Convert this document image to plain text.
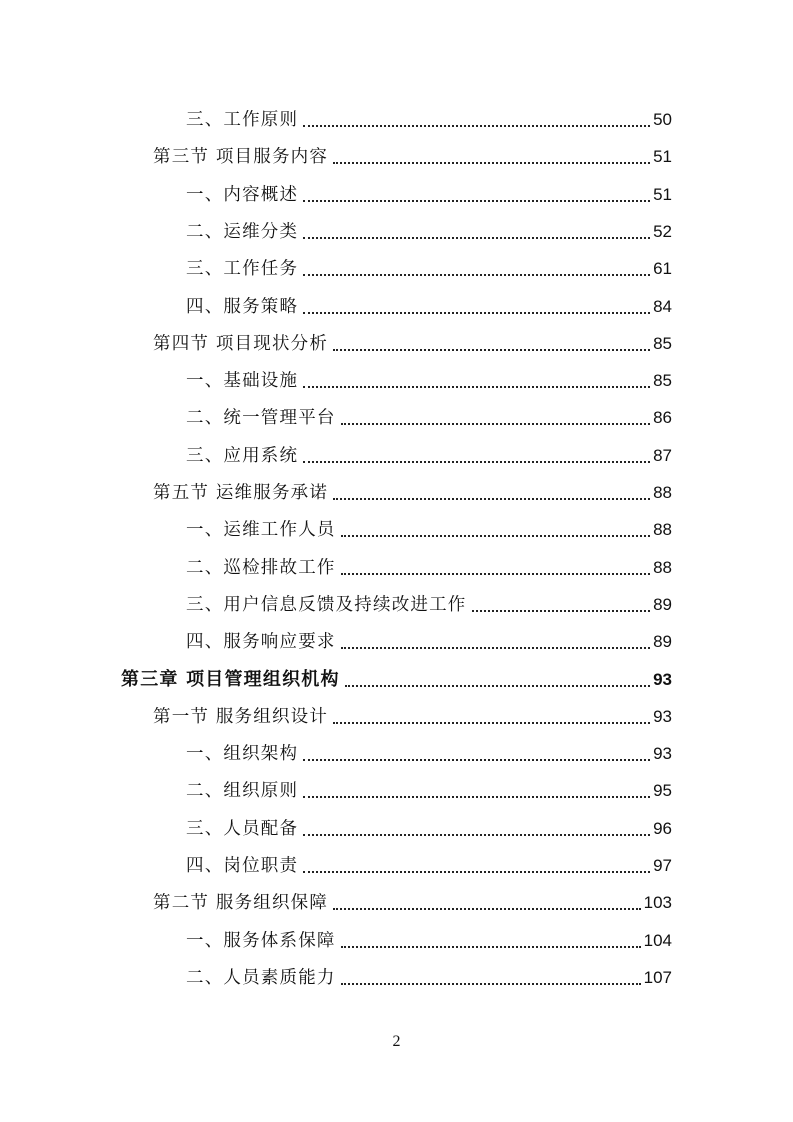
三、工作原则	50
第三节 项目服务内容	51
一、内容概述	51
二、运维分类	52
三、工作任务	61
四、服务策略	84
第四节 项目现状分析	85
一、基础设施	85
二、统一管理平台	86
三、应用系统	87
第五节 运维服务承诺	88
一、运维工作人员	88
二、巡检排故工作	88
三、用户信息反馈及持续改进工作	89
四、服务响应要求	89
第三章 项目管理组织机构	93
第一节 服务组织设计	93
一、组织架构	93
二、组织原则	95
三、人员配备	96
四、岗位职责	97
第二节 服务组织保障	103
一、服务体系保障	104
二、人员素质能力	107
2
